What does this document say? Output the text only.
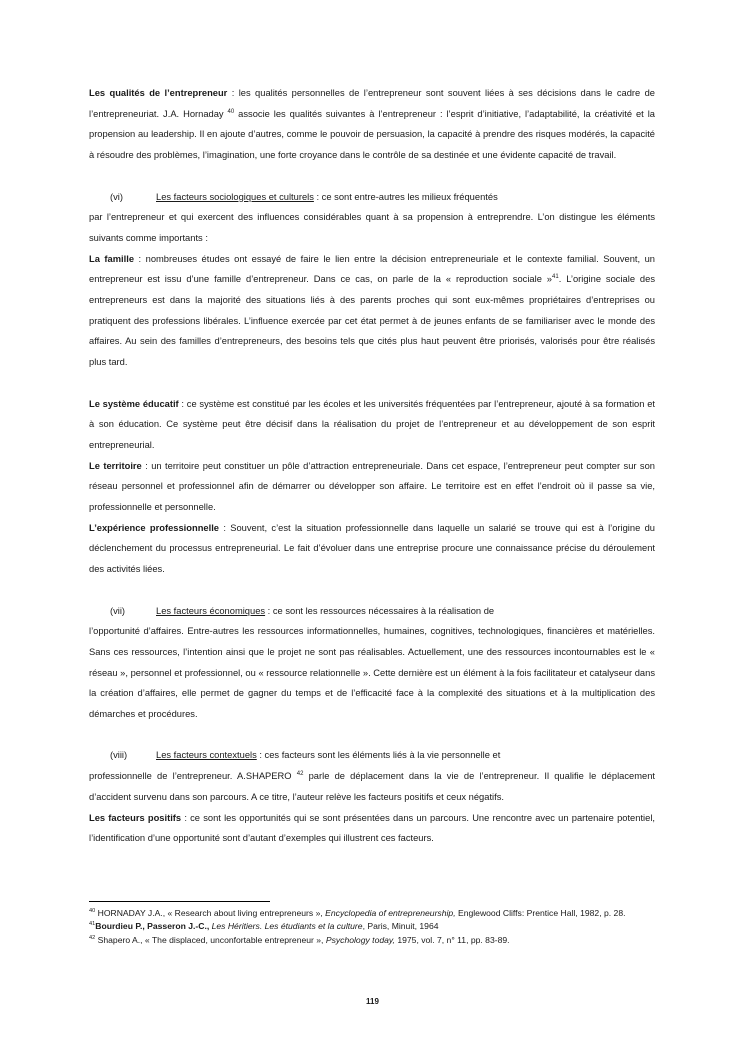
Les qualités de l’entrepreneur : les qualités personnelles de l’entrepreneur sont souvent liées à ses décisions dans le cadre de l’entrepreneuriat. J.A. Hornaday $^{40}$ associe les qualités suivantes à l’entrepreneur : l’esprit d’initiative, l’adaptabilité, la créativité et la propension au leadership. Il en ajoute d’autres, comme le pouvoir de persuasion, la capacité à prendre des risques modérés, la capacité à résoudre des problèmes, l’imagination, une forte croyance dans le contrôle de sa destinée et une évidente capacité de travail.

(vi)	Les facteurs sociologiques et culturels : ce sont entre-autres les milieux fréquentés

par l’entrepreneur et qui exercent des influences considérables quant à sa propension à entreprendre. L’on distingue les éléments suivants comme importants :

La famille : nombreuses études ont essayé de faire le lien entre la décision entrepreneuriale et le contexte familial. Souvent, un entrepreneur est issu d’une famille d’entrepreneur. Dans ce cas, on parle de la « reproduction sociale »$^{41}$. L’origine sociale des entrepreneurs est dans la majorité des situations liés à des parents proches qui sont eux-mêmes propriétaires d’entreprises ou pratiquent des professions libérales. L’influence exercée par cet état permet à de jeunes enfants de se familiariser avec le monde des affaires. Au sein des familles d’entrepreneurs, des besoins tels que cités plus haut peuvent être priorisés, valorisés pour être réalisés plus tard.

Le système éducatif : ce système est constitué par les écoles et les universités fréquentées par l’entrepreneur, ajouté à sa formation et à son éducation. Ce système peut être décisif dans la réalisation du projet de l’entrepreneur et au développement de son esprit entrepreneurial.

Le territoire : un territoire peut constituer un pôle d’attraction entrepreneuriale. Dans cet espace, l’entrepreneur peut compter sur son réseau personnel et professionnel afin de démarrer ou développer son affaire. Le territoire est en effet l’endroit où il passe sa vie, professionnelle et personnelle.

L’expérience professionnelle : Souvent, c’est la situation professionnelle dans laquelle un salarié se trouve qui est à l’origine du déclenchement du processus entrepreneurial. Le fait d’évoluer dans une entreprise procure une connaissance précise du déroulement des activités liées.

(vii)	Les facteurs économiques : ce sont les ressources nécessaires à la réalisation de

l’opportunité d’affaires. Entre-autres les ressources informationnelles, humaines, cognitives, technologiques, financières et matérielles. Sans ces ressources, l’intention ainsi que le projet ne sont pas réalisables. Actuellement, une des ressources incontournables est le « réseau », personnel et professionnel, ou « ressource relationnelle ». Cette dernière est un élément à la fois facilitateur et catalyseur dans la création d’affaires, elle permet de gagner du temps et de l’efficacité face à la complexité des situations et à la multiplication des démarches et procédures.

(viii)	Les facteurs contextuels : ces facteurs sont les éléments liés à la vie personnelle et

professionnelle de l’entrepreneur. A.SHAPERO $^{42}$ parle de déplacement dans la vie de l’entrepreneur. Il qualifie le déplacement d’accident survenu dans son parcours. A ce titre, l’auteur relève les facteurs positifs et ceux négatifs.

Les facteurs positifs : ce sont les opportunités qui se sont présentées dans un parcours. Une rencontre avec un partenaire potentiel, l’identification d’une opportunité sont d’autant d’exemples qui illustrent ces facteurs.

$^{40}$ HORNADAY J.A., « Research about living entrepreneurs », Encyclopedia of entrepreneurship, Englewood Cliffs: Prentice Hall, 1982, p. 28.

$^{41}$Bourdieu P., Passeron J.-C., Les Héritiers. Les étudiants et la culture, Paris, Minuit, 1964

$^{42}$ Shapero A., « The displaced, unconfortable entrepreneur », Psychology today, 1975, vol. 7, n° 11, pp. 83-89.

119
